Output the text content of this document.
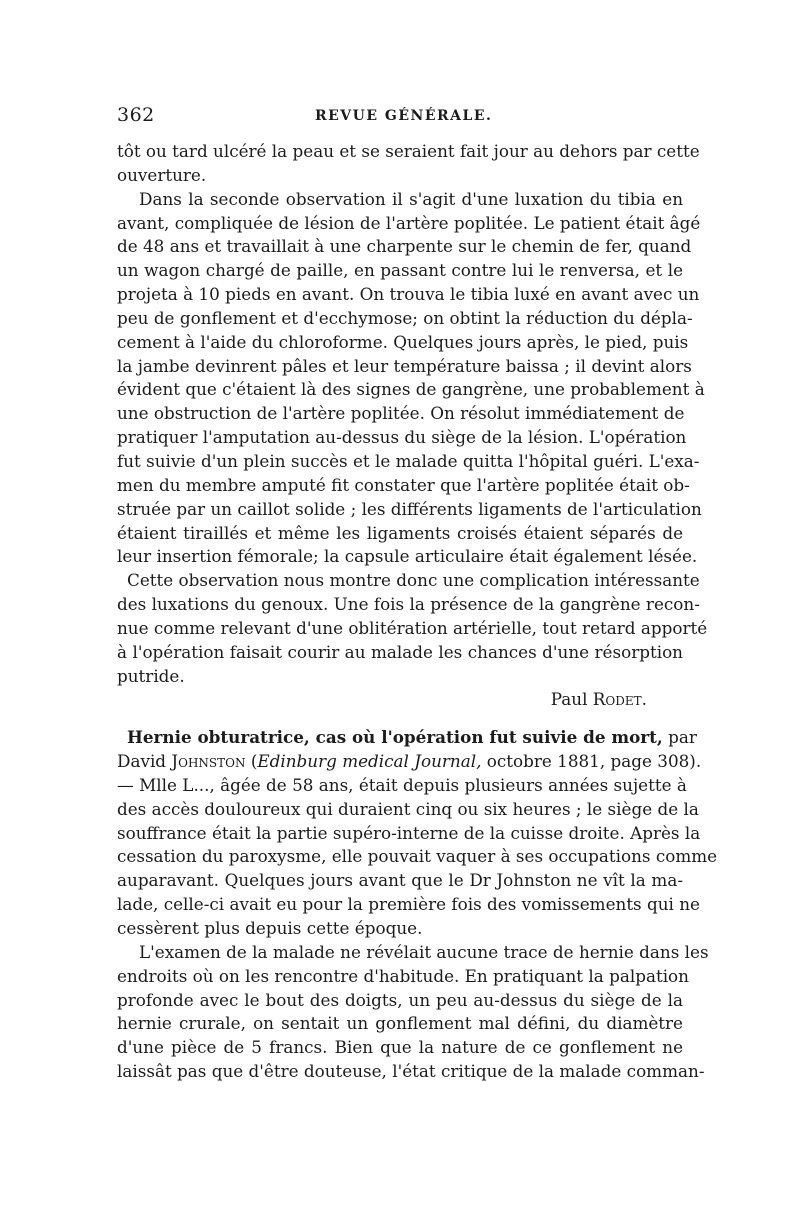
362	REVUE GÉNÉRALE.
tôt ou tard ulcéré la peau et se seraient fait jour au dehors par cette
ouverture.
Dans la seconde observation il s'agit d'une luxation du tibia en
avant, compliquée de lésion de l'artère poplitée. Le patient était âgé
de 48 ans et travaillait à une charpente sur le chemin de fer, quand
un wagon chargé de paille, en passant contre lui le renversa, et le
projeta à 10 pieds en avant. On trouva le tibia luxé en avant avec un
peu de gonflement et d'ecchymose; on obtint la réduction du dépla-
cement à l'aide du chloroforme. Quelques jours après, le pied, puis
la jambe devinrent pâles et leur température baissa ; il devint alors
évident que c'étaient là des signes de gangrène, une probablement à
une obstruction de l'artère poplitée. On résolut immédiatement de
pratiquer l'amputation au-dessus du siège de la lésion. L'opération
fut suivie d'un plein succès et le malade quitta l'hôpital guéri. L'exa-
men du membre amputé fit constater que l'artère poplitée était ob-
struée par un caillot solide ; les différents ligaments de l'articulation
étaient tiraillés et même les ligaments croisés étaient séparés de
leur insertion fémorale; la capsule articulaire était également lésée.
Cette observation nous montre donc une complication intéressante
des luxations du genoux. Une fois la présence de la gangrène recon-
nue comme relevant d'une oblitération artérielle, tout retard apporté
à l'opération faisait courir au malade les chances d'une résorption
putride.
Paul Rodet.
Hernie obturatrice, cas où l'opération fut suivie de mort, par
David Johnston (Edinburg medical Journal, octobre 1881, page 308).
— Mlle L..., âgée de 58 ans, était depuis plusieurs années sujette à
des accès douloureux qui duraient cinq ou six heures ; le siège de la
souffrance était la partie supéro-interne de la cuisse droite. Après la
cessation du paroxysme, elle pouvait vaquer à ses occupations comme
auparavant. Quelques jours avant que le Dr Johnston ne vît la ma-
lade, celle-ci avait eu pour la première fois des vomissements qui ne
cessèrent plus depuis cette époque.
L'examen de la malade ne révélait aucune trace de hernie dans les
endroits où on les rencontre d'habitude. En pratiquant la palpation
profonde avec le bout des doigts, un peu au-dessus du siège de la
hernie crurale, on sentait un gonflement mal défini, du diamètre
d'une pièce de 5 francs. Bien que la nature de ce gonflement ne
laissât pas que d'être douteuse, l'état critique de la malade comman-
